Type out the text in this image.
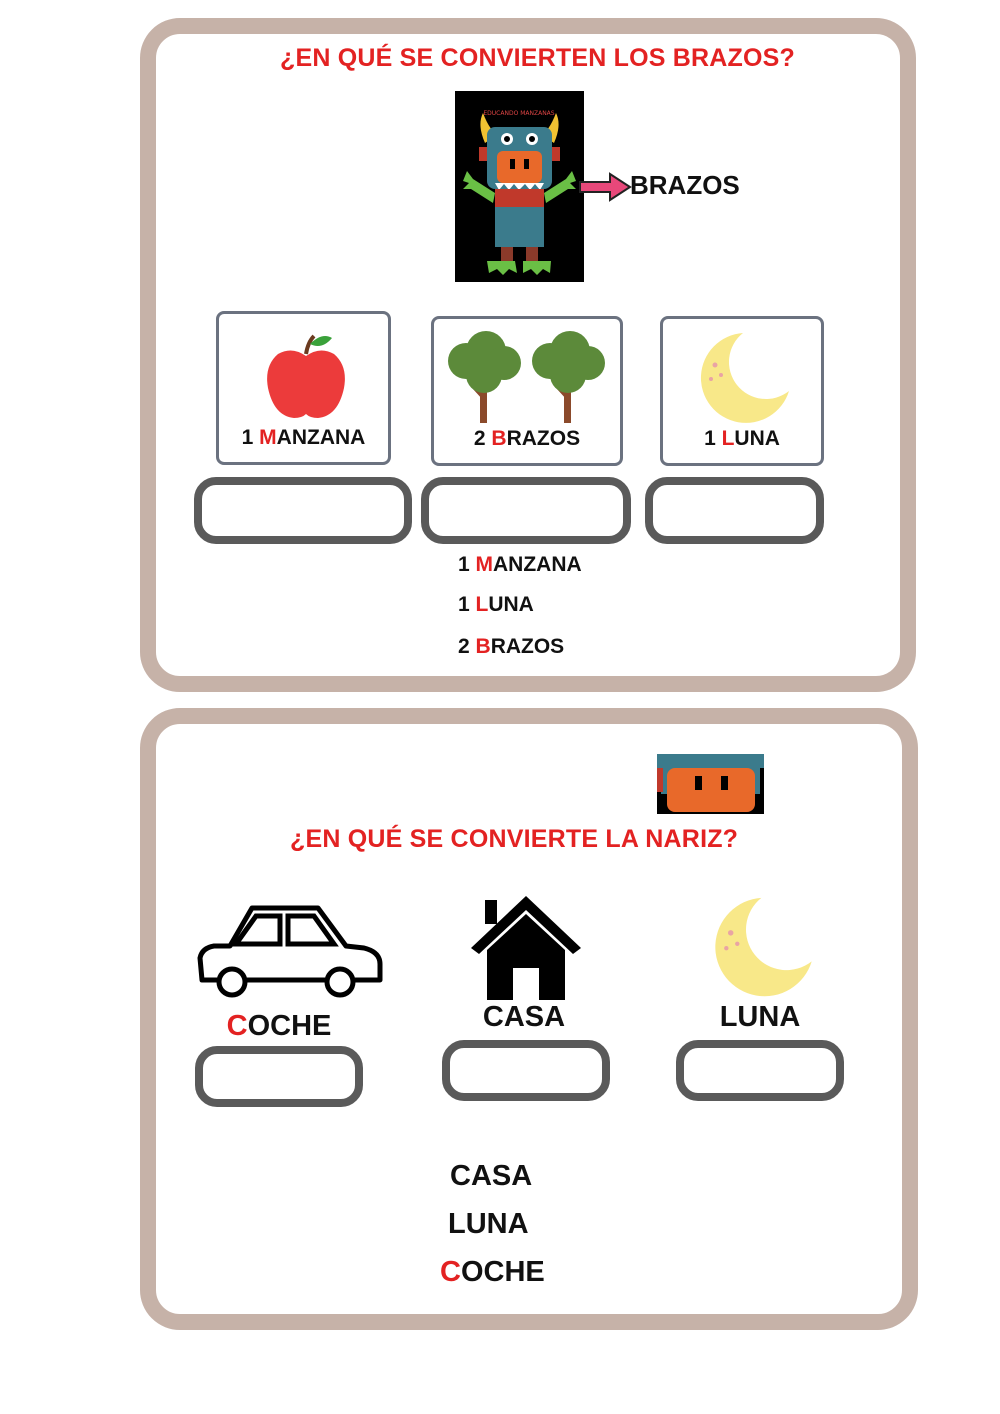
¿EN QUÉ SE CONVIERTEN LOS BRAZOS?
EDUCANDO MANZANAS
BRAZOS
1 MANZANA	2 BRAZOS	1 LUNA
1 MANZANA
1 LUNA
2 BRAZOS
¿EN QUÉ SE CONVIERTE LA NARIZ?
COCHE	CASA	LUNA
CASA
LUNA
COCHE
